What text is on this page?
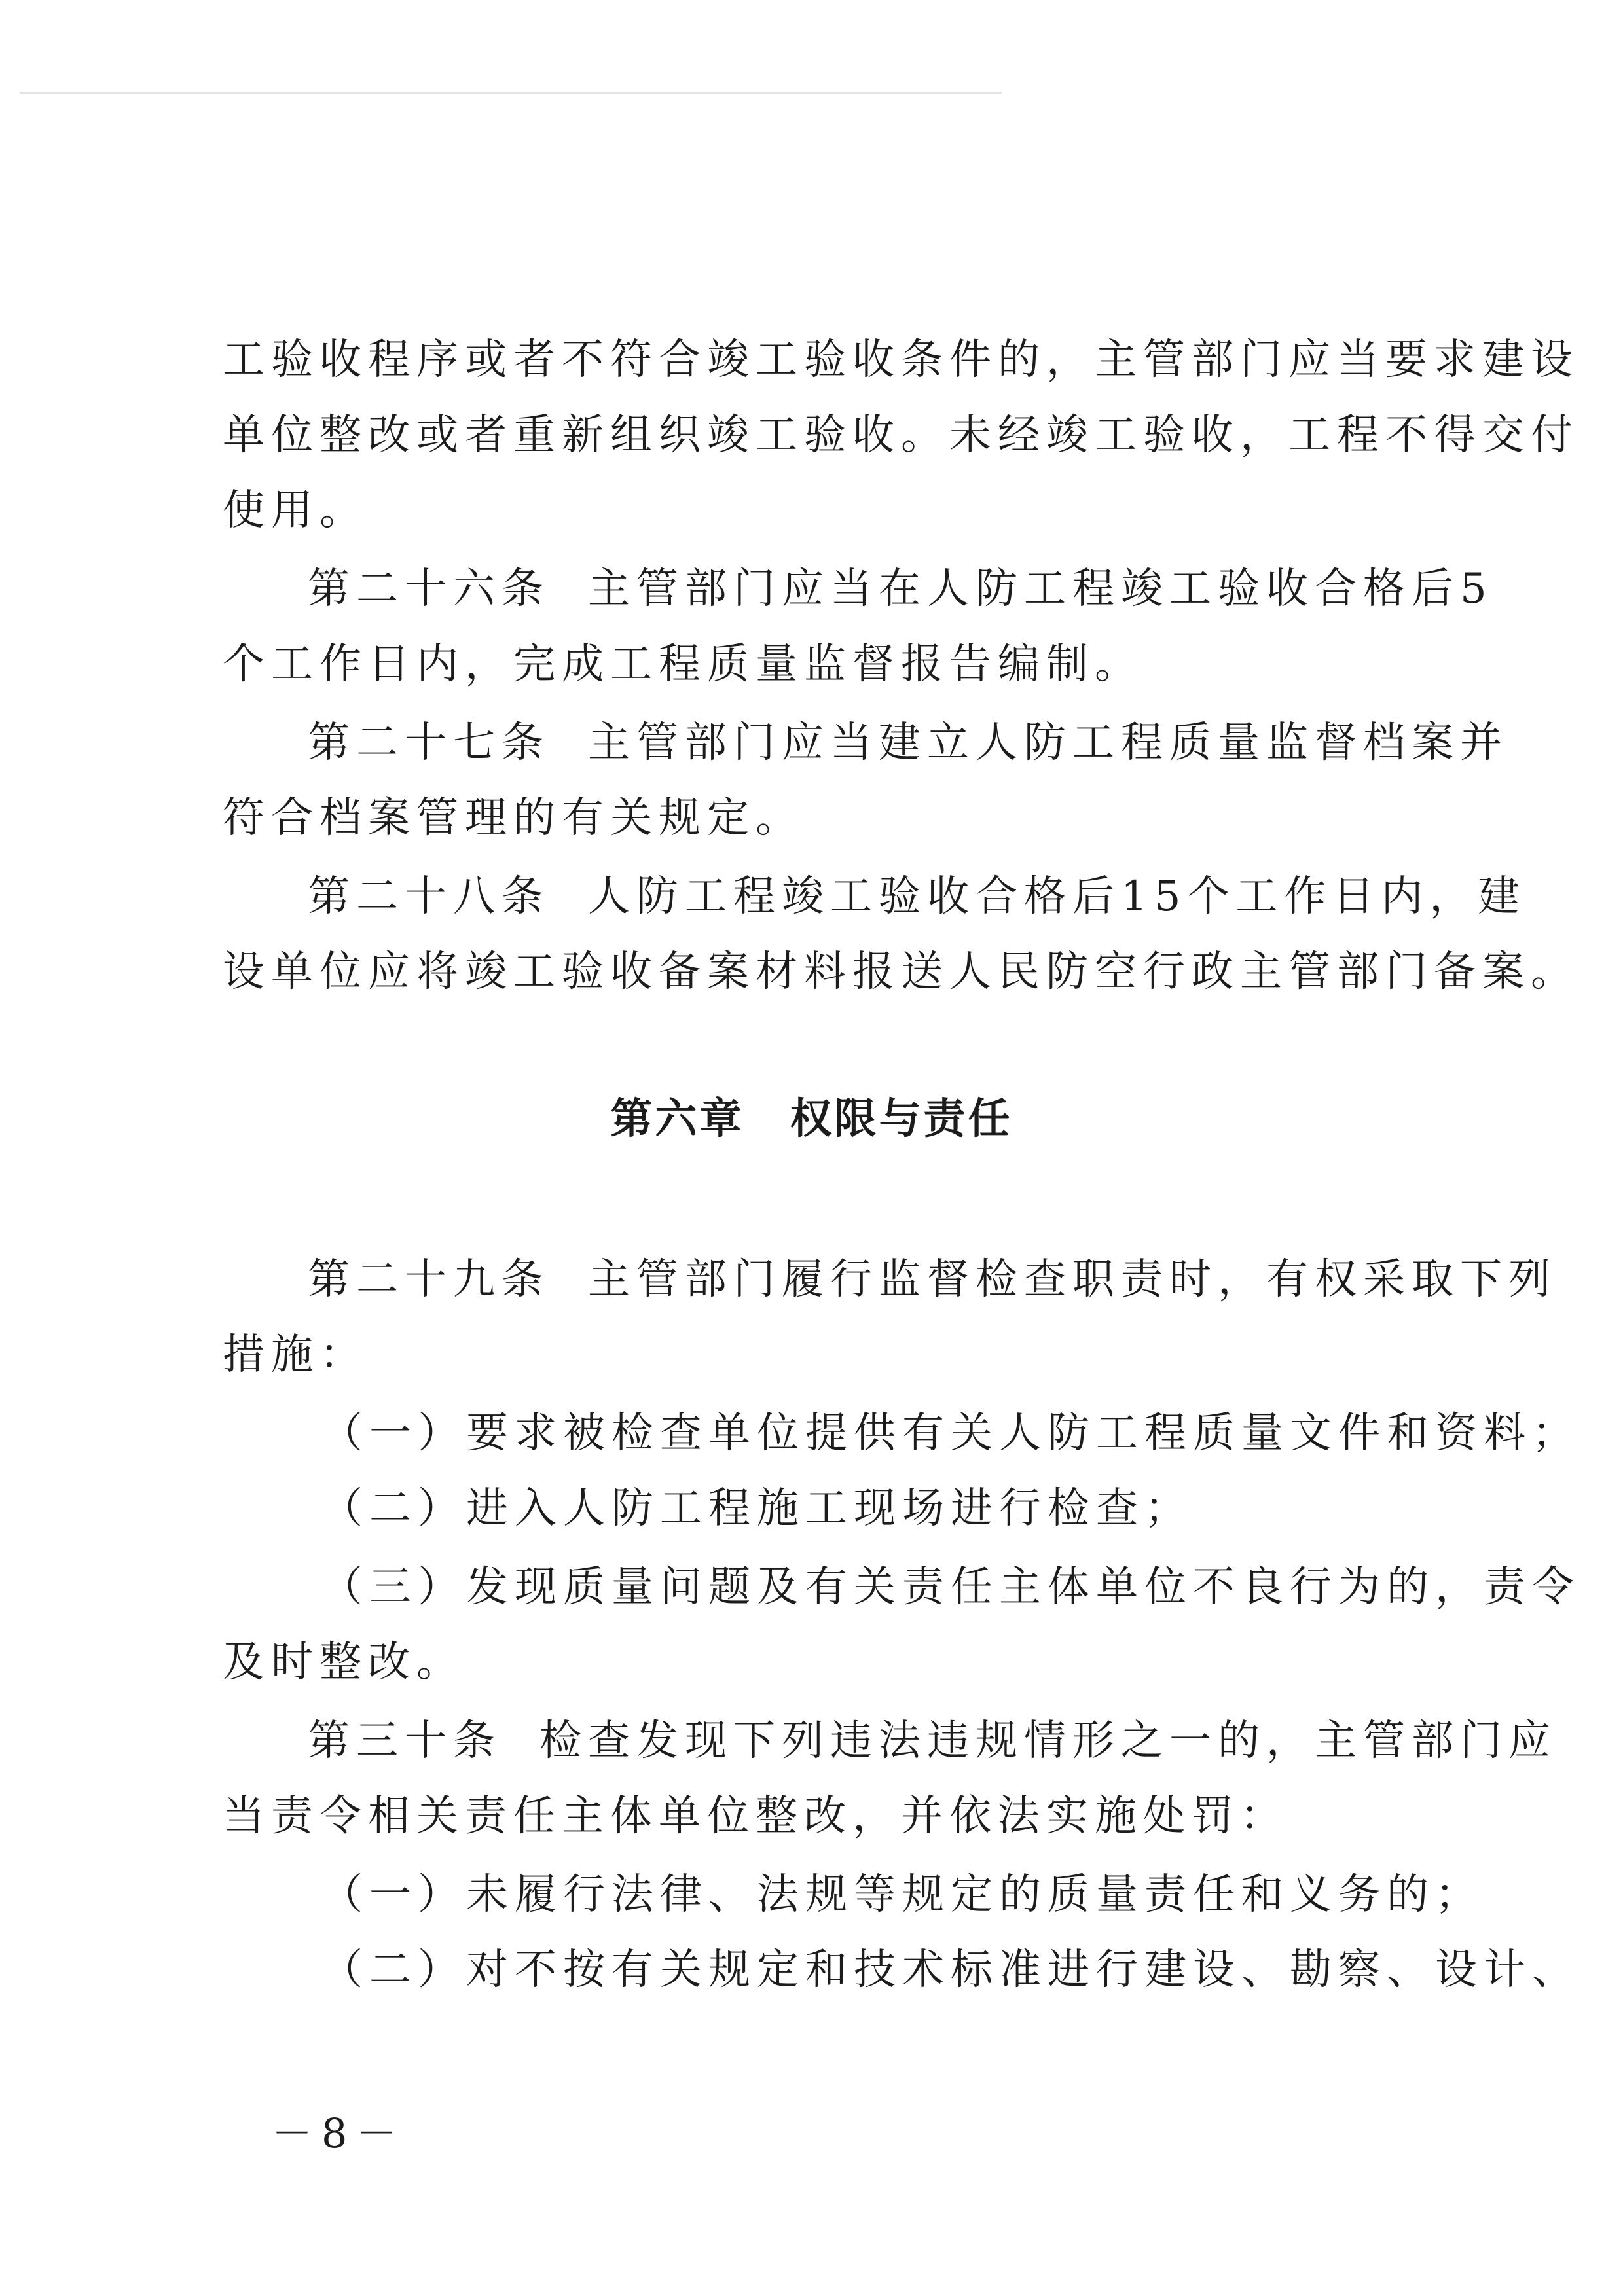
工验收程序或者不符合竣工验收条件的，主管部门应当要求建设
单位整改或者重新组织竣工验收。未经竣工验收，工程不得交付
使用。
第二十六条 主管部门应当在人防工程竣工验收合格后5
个工作日内，完成工程质量监督报告编制。
第二十七条 主管部门应当建立人防工程质量监督档案并
符合档案管理的有关规定。
第二十八条 人防工程竣工验收合格后15个工作日内，建
设单位应将竣工验收备案材料报送人民防空行政主管部门备案。
第六章 权限与责任
第二十九条 主管部门履行监督检查职责时，有权采取下列
措施：
（一）要求被检查单位提供有关人防工程质量文件和资料；
（二）进入人防工程施工现场进行检查；
（三）发现质量问题及有关责任主体单位不良行为的，责令
及时整改。
第三十条 检查发现下列违法违规情形之一的，主管部门应
当责令相关责任主体单位整改，并依法实施处罚：
（一）未履行法律、法规等规定的质量责任和义务的；
（二）对不按有关规定和技术标准进行建设、勘察、设计、
－8－
